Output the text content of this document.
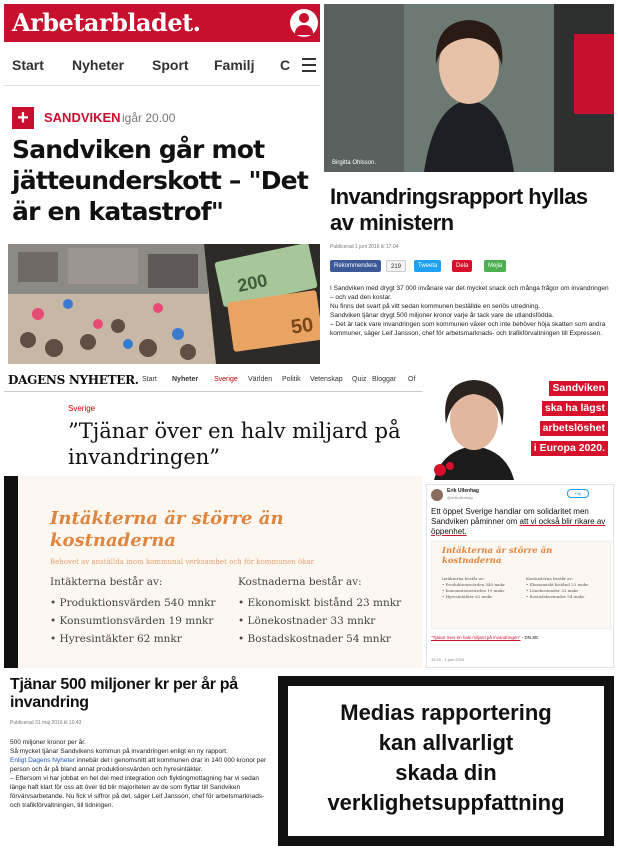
Arbetarbladet.
Start Nyheter Sport Familj C
+	SANDVIKEN igår 20.00
Sandviken går mot jätteunderskott – "Det är en katastrof"
200
50
Birgitta Ohlsson.
Invandringsrapport hyllas av ministern
Publicerad 1 juni 2016 kl 17.04
Rekommendera	219	Tweeta	Dela	Mejla

I Sandviken med drygt 37 000 invånare var det mycket snack och många frågor om invandringen – och vad den kostar.

Nu finns det svart på vitt sedan kommunen beställde en seriös utredning.

Sandviken tjänar drygt 500 miljoner kronor varje år tack vare de utlandsfödda.

– Det är tack vare invandringen som kommunen växer och inte behöver höja skatten som andra kommuner, säger Leif Jansson, chef för arbetsmarknads- och trafikförvaltningen till Expressen.

DAGENS NYHETER. Start Nyheter Sverige Världen Politik Vetenskap Quiz Bloggar Of
Sverige
”Tjänar över en halv miljard på invandringen”
Intäkterna är större än kostnaderna
Behovet av anställda inom kommunal verksamhet och för kommunen ökar
Intäkterna består av:
• Produktionsvärden 540 mnkr
• Konsumtionsvärden 19 mnkr
• Hyresintäkter 62 mnkr
Kostnaderna består av:
• Ekonomiskt bistånd 23 mnkr
• Lönekostnader 33 mnkr
• Bostadskostnader 54 mnkr
Sandviken
ska ha lägst
arbetslöshet
i Europa 2020.
Erik Ullenhag
@erikullenhag
Följ
Ett öppet Sverige handlar om solidaritet men Sandviken påminner om att vi också blir rikare av öppenhet.
Intäkterna är större än kostnaderna
Intäkterna består av:
• Produktionsvärden 540 mnkr
• Konsumtionsvärden 19 mnkr
• Hyresintäkter 62 mnkr
Kostnaderna består av:
• Ekonomiskt bistånd 23 mnkr
• Lönekostnader 33 mnkr
• Bostadskostnader 54 mnkr
"Tjänar över en halv miljard på invandringen" - DN.SE
15:20 - 1 juni 2016
Tjänar 500 miljoner kr per år på invandring
Publicerad 31 maj 2016 kl 10.43

500 miljoner kronor per år.

Så mycket tjänar Sandvikens kommun på invandringen enligt en ny rapport.

Enligt Dagens Nyheter innebär det i genomsnitt att kommunen drar in 140 000 kronor per person och år på bland annat produktionsvärden och hyresintäkter.

– Eftersom vi har jobbat en hel del med integration och flyktingmottagning har vi sedan länge haft klart för oss att över tid blir majoriteten av de som flyttar till Sandviken förvärvsarbetande. Nu fick vi siffror på det, säger Leif Jansson, chef för arbetsmarknads- och trafikförvaltningen, till tidningen.

Medias rapportering
kan allvarligt
skada din
verklighetsuppfattning
